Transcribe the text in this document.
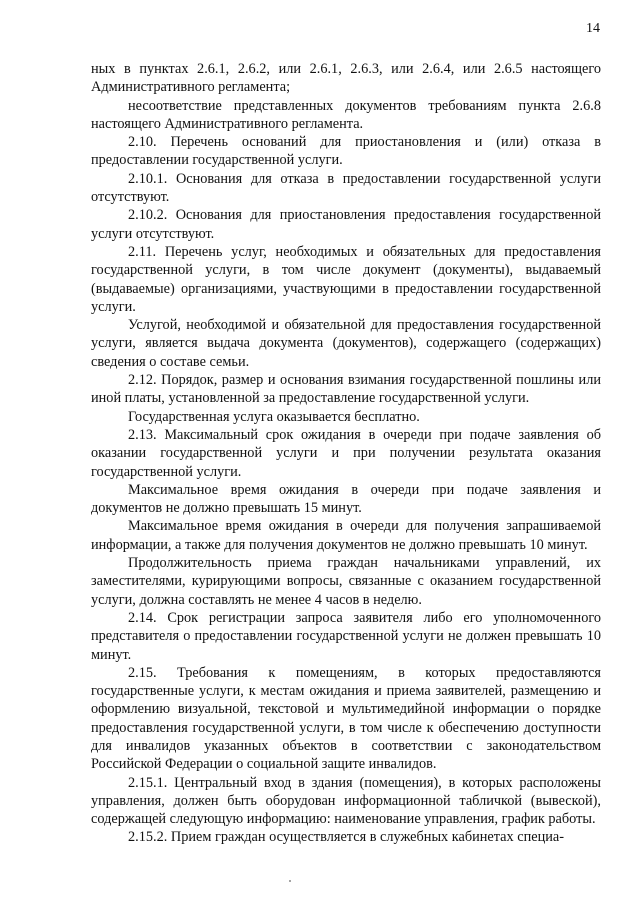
14

ных в пунктах 2.6.1, 2.6.2, или 2.6.1, 2.6.3, или 2.6.4, или 2.6.5 настоящего Административного регламента;

несоответствие представленных документов требованиям пункта 2.6.8 настоящего Административного регламента.

2.10. Перечень оснований для приостановления и (или) отказа в предоставлении государственной услуги.

2.10.1. Основания для отказа в предоставлении государственной услуги отсутствуют.

2.10.2. Основания для приостановления предоставления государственной услуги отсутствуют.

2.11. Перечень услуг, необходимых и обязательных для предоставления государственной услуги, в том числе документ (документы), выдаваемый (выдаваемые) организациями, участвующими в предоставлении государственной услуги.

Услугой, необходимой и обязательной для предоставления государственной услуги, является выдача документа (документов), содержащего (содержащих) сведения о составе семьи.

2.12. Порядок, размер и основания взимания государственной пошлины или иной платы, установленной за предоставление государственной услуги.

Государственная услуга оказывается бесплатно.

2.13. Максимальный срок ожидания в очереди при подаче заявления об оказании государственной услуги и при получении результата оказания государственной услуги.

Максимальное время ожидания в очереди при подаче заявления и документов не должно превышать 15 минут.

Максимальное время ожидания в очереди для получения запрашиваемой информации, а также для получения документов не должно превышать 10 минут.

Продолжительность приема граждан начальниками управлений, их заместителями, курирующими вопросы, связанные с оказанием государственной услуги, должна составлять не менее 4 часов в неделю.

2.14. Срок регистрации запроса заявителя либо его уполномоченного представителя о предоставлении государственной услуги не должен превышать 10 минут.

2.15. Требования к помещениям, в которых предоставляются государственные услуги, к местам ожидания и приема заявителей, размещению и оформлению визуальной, текстовой и мультимедийной информации о порядке предоставления государственной услуги, в том числе к обеспечению доступности для инвалидов указанных объектов в соответствии с законодательством Российской Федерации о социальной защите инвалидов.

2.15.1. Центральный вход в здания (помещения), в которых расположены управления, должен быть оборудован информационной табличкой (вывеской), содержащей следующую информацию: наименование управления, график работы.

2.15.2. Прием граждан осуществляется в служебных кабинетах специа-
